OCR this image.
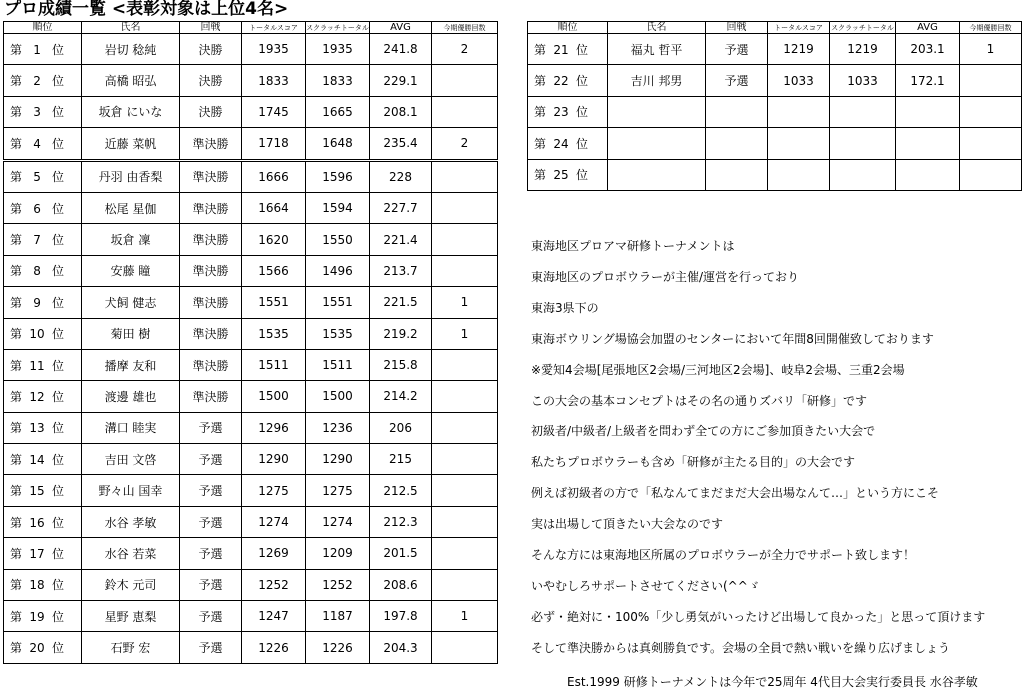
プロ成績一覧 <表彰対象は上位4名>
順位	氏名	回戦	トータルスコア	スクラッチトータル	AVG	今期優勝回数
第 1 位	岩切 稔純	決勝	1935	1935	241.8	2
第 2 位	高橋 昭弘	決勝	1833	1833	229.1	
第 3 位	坂倉 にいな	決勝	1745	1665	208.1	
第 4 位	近藤 菜帆	準決勝	1718	1648	235.4	2
第 5 位	丹羽 由香梨	準決勝	1666	1596	228	
第 6 位	松尾 星伽	準決勝	1664	1594	227.7	
第 7 位	坂倉 凜	準決勝	1620	1550	221.4	
第 8 位	安藤 瞳	準決勝	1566	1496	213.7	
第 9 位	犬飼 健志	準決勝	1551	1551	221.5	1
第 10 位	菊田 樹	準決勝	1535	1535	219.2	1
第 11 位	播摩 友和	準決勝	1511	1511	215.8	
第 12 位	渡邊 雄也	準決勝	1500	1500	214.2	
第 13 位	溝口 睦実	予選	1296	1236	206	
第 14 位	吉田 文啓	予選	1290	1290	215	
第 15 位	野々山 国幸	予選	1275	1275	212.5	
第 16 位	水谷 孝敏	予選	1274	1274	212.3	
第 17 位	水谷 若菜	予選	1269	1209	201.5	
第 18 位	鈴木 元司	予選	1252	1252	208.6	
第 19 位	星野 恵梨	予選	1247	1187	197.8	1
第 20 位	石野 宏	予選	1226	1226	204.3	
順位	氏名	回戦	トータルスコア	スクラッチトータル	AVG	今期優勝回数
第 21 位	福丸 哲平	予選	1219	1219	203.1	1
第 22 位	吉川 邦男	予選	1033	1033	172.1	
第 23 位						
第 24 位						
第 25 位						
東海地区プロアマ研修トーナメントは
東海地区のプロボウラーが主催/運営を行っており
東海3県下の
東海ボウリング場協会加盟のセンターにおいて年間8回開催致しております
※愛知4会場[尾張地区2会場/三河地区2会場]、岐阜2会場、三重2会場
この大会の基本コンセプトはその名の通りズバリ「研修」です
初級者/中級者/上級者を問わず全ての方にご参加頂きたい大会で
私たちプロボウラーも含め「研修が主たる目的」の大会です
例えば初級者の方で「私なんてまだまだ大会出場なんて…」という方にこそ
実は出場して頂きたい大会なのです
そんな方には東海地区所属のプロボウラーが全力でサポート致します！
いやむしろサポートさせてください(^^ゞ
必ず・絶対に・100%「少し勇気がいったけど出場して良かった」と思って頂けます
そして準決勝からは真剣勝負です。会場の全員で熱い戦いを繰り広げましょう
Est.1999 研修トーナメントは今年で25周年 4代目大会実行委員長 水谷孝敏
